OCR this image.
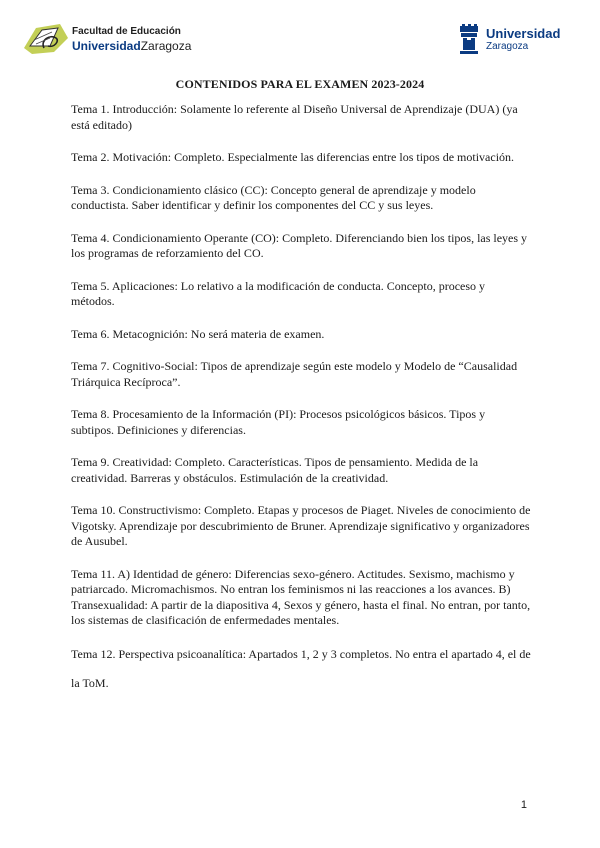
Facultad de Educación
UniversidadZaragoza
Universidad
Zaragoza
CONTENIDOS PARA EL EXAMEN 2023-2024

Tema 1. Introducción: Solamente lo referente al Diseño Universal de Aprendizaje (DUA) (ya está editado)

Tema 2. Motivación: Completo. Especialmente las diferencias entre los tipos de motivación.

Tema 3. Condicionamiento clásico (CC): Concepto general de aprendizaje y modelo conductista. Saber identificar y definir los componentes del CC y sus leyes.

Tema 4. Condicionamiento Operante (CO): Completo. Diferenciando bien los tipos, las leyes y los programas de reforzamiento del CO.

Tema 5. Aplicaciones: Lo relativo a la modificación de conducta. Concepto, proceso y métodos.

Tema 6. Metacognición: No será materia de examen.

Tema 7. Cognitivo-Social: Tipos de aprendizaje según este modelo y Modelo de “Causalidad Triárquica Recíproca”.

Tema 8. Procesamiento de la Información (PI): Procesos psicológicos básicos. Tipos y subtipos. Definiciones y diferencias.

Tema 9. Creatividad: Completo. Características. Tipos de pensamiento. Medida de la creatividad. Barreras y obstáculos. Estimulación de la creatividad.

Tema 10. Constructivismo: Completo. Etapas y procesos de Piaget. Niveles de conocimiento de Vigotsky. Aprendizaje por descubrimiento de Bruner. Aprendizaje significativo y organizadores de Ausubel.

Tema 11. A) Identidad de género: Diferencias sexo-género. Actitudes. Sexismo, machismo y patriarcado. Micromachismos. No entran los feminismos ni las reacciones a los avances. B) Transexualidad: A partir de la diapositiva 4, Sexos y género, hasta el final. No entran, por tanto, los sistemas de clasificación de enfermedades mentales.

Tema 12. Perspectiva psicoanalítica: Apartados 1, 2 y 3 completos. No entra el apartado 4, el de la ToM.

1
